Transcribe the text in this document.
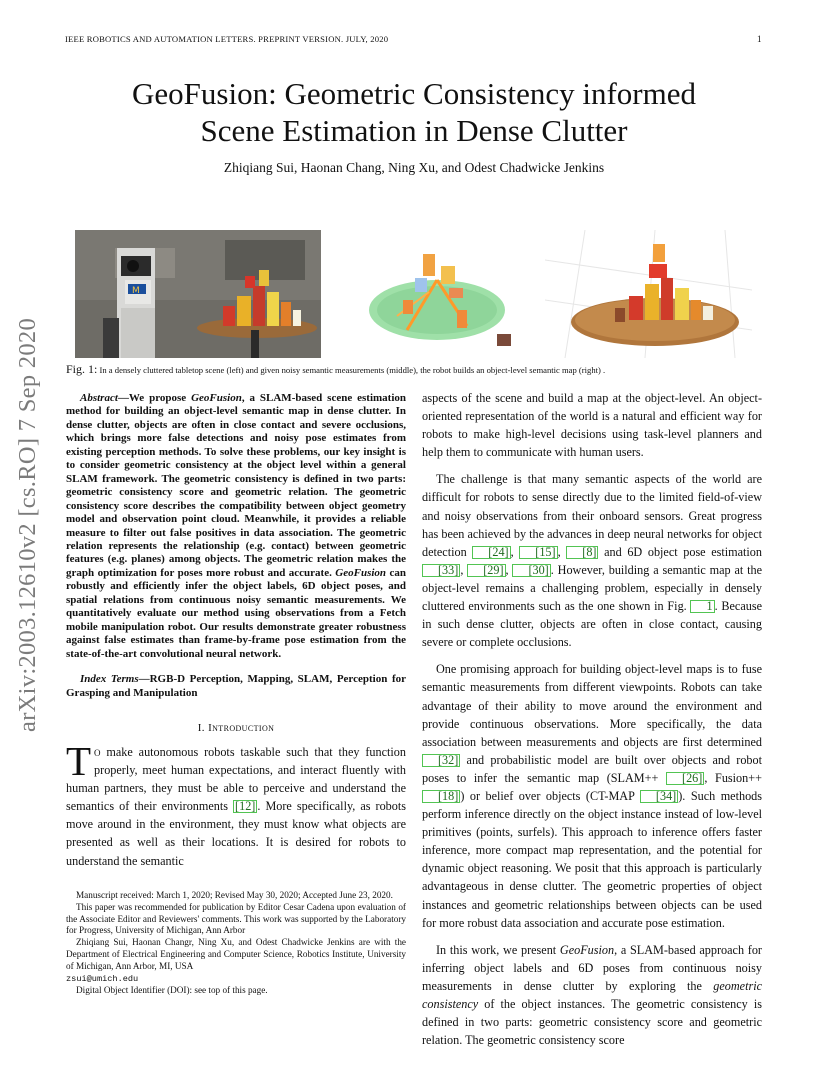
IEEE ROBOTICS AND AUTOMATION LETTERS. PREPRINT VERSION. JULY, 2020	1
GeoFusion: Geometric Consistency informed
Scene Estimation in Dense Clutter
Zhiqiang Sui, Haonan Chang, Ning Xu, and Odest Chadwicke Jenkins
arXiv:2003.12610v2 [cs.RO] 7 Sep 2020
M
Fig. 1: In a densely cluttered tabletop scene (left) and given noisy semantic measurements (middle), the robot builds an object-level semantic map (right) .

Abstract—We propose GeoFusion, a SLAM-based scene estimation method for building an object-level semantic map in dense clutter. In dense clutter, objects are often in close contact and severe occlusions, which brings more false detections and noisy pose estimates from existing perception methods. To solve these problems, our key insight is to consider geometric consistency at the object level within a general SLAM framework. The geometric consistency is defined in two parts: geometric consistency score and geometric relation. The geometric consistency score describes the compatibility between object geometry model and observation point cloud. Meanwhile, it provides a reliable measure to filter out false positives in data association. The geometric relation represents the relationship (e.g. contact) between geometric features (e.g. planes) among objects. The geometric relation makes the graph optimization for poses more robust and accurate. GeoFusion can robustly and efficiently infer the object labels, 6D object poses, and spatial relations from continuous noisy semantic measurements. We quantitatively evaluate our method using observations from a Fetch mobile manipulation robot. Our results demonstrate greater robustness against false estimates than frame-by-frame pose estimation from the state-of-the-art convolutional neural network.

Index Terms—RGB-D Perception, Mapping, SLAM, Perception for Grasping and Manipulation

I. Introduction

To make autonomous robots taskable such that they function properly, meet human expectations, and interact fluently with human partners, they must be able to perceive and understand the semantics of their environments [12] . More specifically, as robots move around in the environment, they must know what objects are presented as well as their locations. It is desired for robots to understand the semantic

Manuscript received: March 1, 2020; Revised May 30, 2020; Accepted June 23, 2020.

This paper was recommended for publication by Editor Cesar Cadena upon evaluation of the Associate Editor and Reviewers' comments. This work was supported by the Laboratory for Progress, University of Michigan, Ann Arbor

Zhiqiang Sui, Haonan Changr, Ning Xu, and Odest Chadwicke Jenkins are with the Department of Electrical Engineering and Computer Science, Robotics Institute, University of Michigan, Ann Arbor, MI, USA
zsui@umich.edu

Digital Object Identifier (DOI): see top of this page.

aspects of the scene and build a map at the object-level. An object-oriented representation of the world is a natural and efficient way for robots to make high-level decisions using task-level planners and help them to communicate with human users.

The challenge is that many semantic aspects of the world are difficult for robots to sense directly due to the limited field-of-view and noisy observations from their onboard sensors. Great progress has been achieved by the advances in deep neural networks for object detection [24] , [15] , [8] and 6D object pose estimation [33] , [29] , [30] . However, building a semantic map at the object-level remains a challenging problem, especially in densely cluttered environments such as the one shown in Fig. 1 . Because in such dense clutter, objects are often in close contact, causing severe or complete occlusions.

One promising approach for building object-level maps is to fuse semantic measurements from different viewpoints. Robots can take advantage of their ability to move around the environment and provide continuous observations. More specifically, the data association between measurements and objects are first determined [32] and probabilistic model are built over objects and robot poses to infer the semantic map (SLAM++ [26] , Fusion++ [18] ) or belief over objects (CT-MAP [34] ). Such methods perform inference directly on the object instance instead of low-level primitives (points, surfels). This approach to inference offers faster inference, more compact map representation, and the potential for dynamic object reasoning. We posit that this approach is particularly advantageous in dense clutter. The geometric properties of object instances and geometric relationships between objects can be used for more robust data association and accurate pose estimation.

In this work, we present GeoFusion, a SLAM-based approach for inferring object labels and 6D poses from continuous noisy measurements in dense clutter by exploring the geometric consistency of the object instances. The geometric consistency is defined in two parts: geometric consistency score and geometric relation. The geometric consistency score
